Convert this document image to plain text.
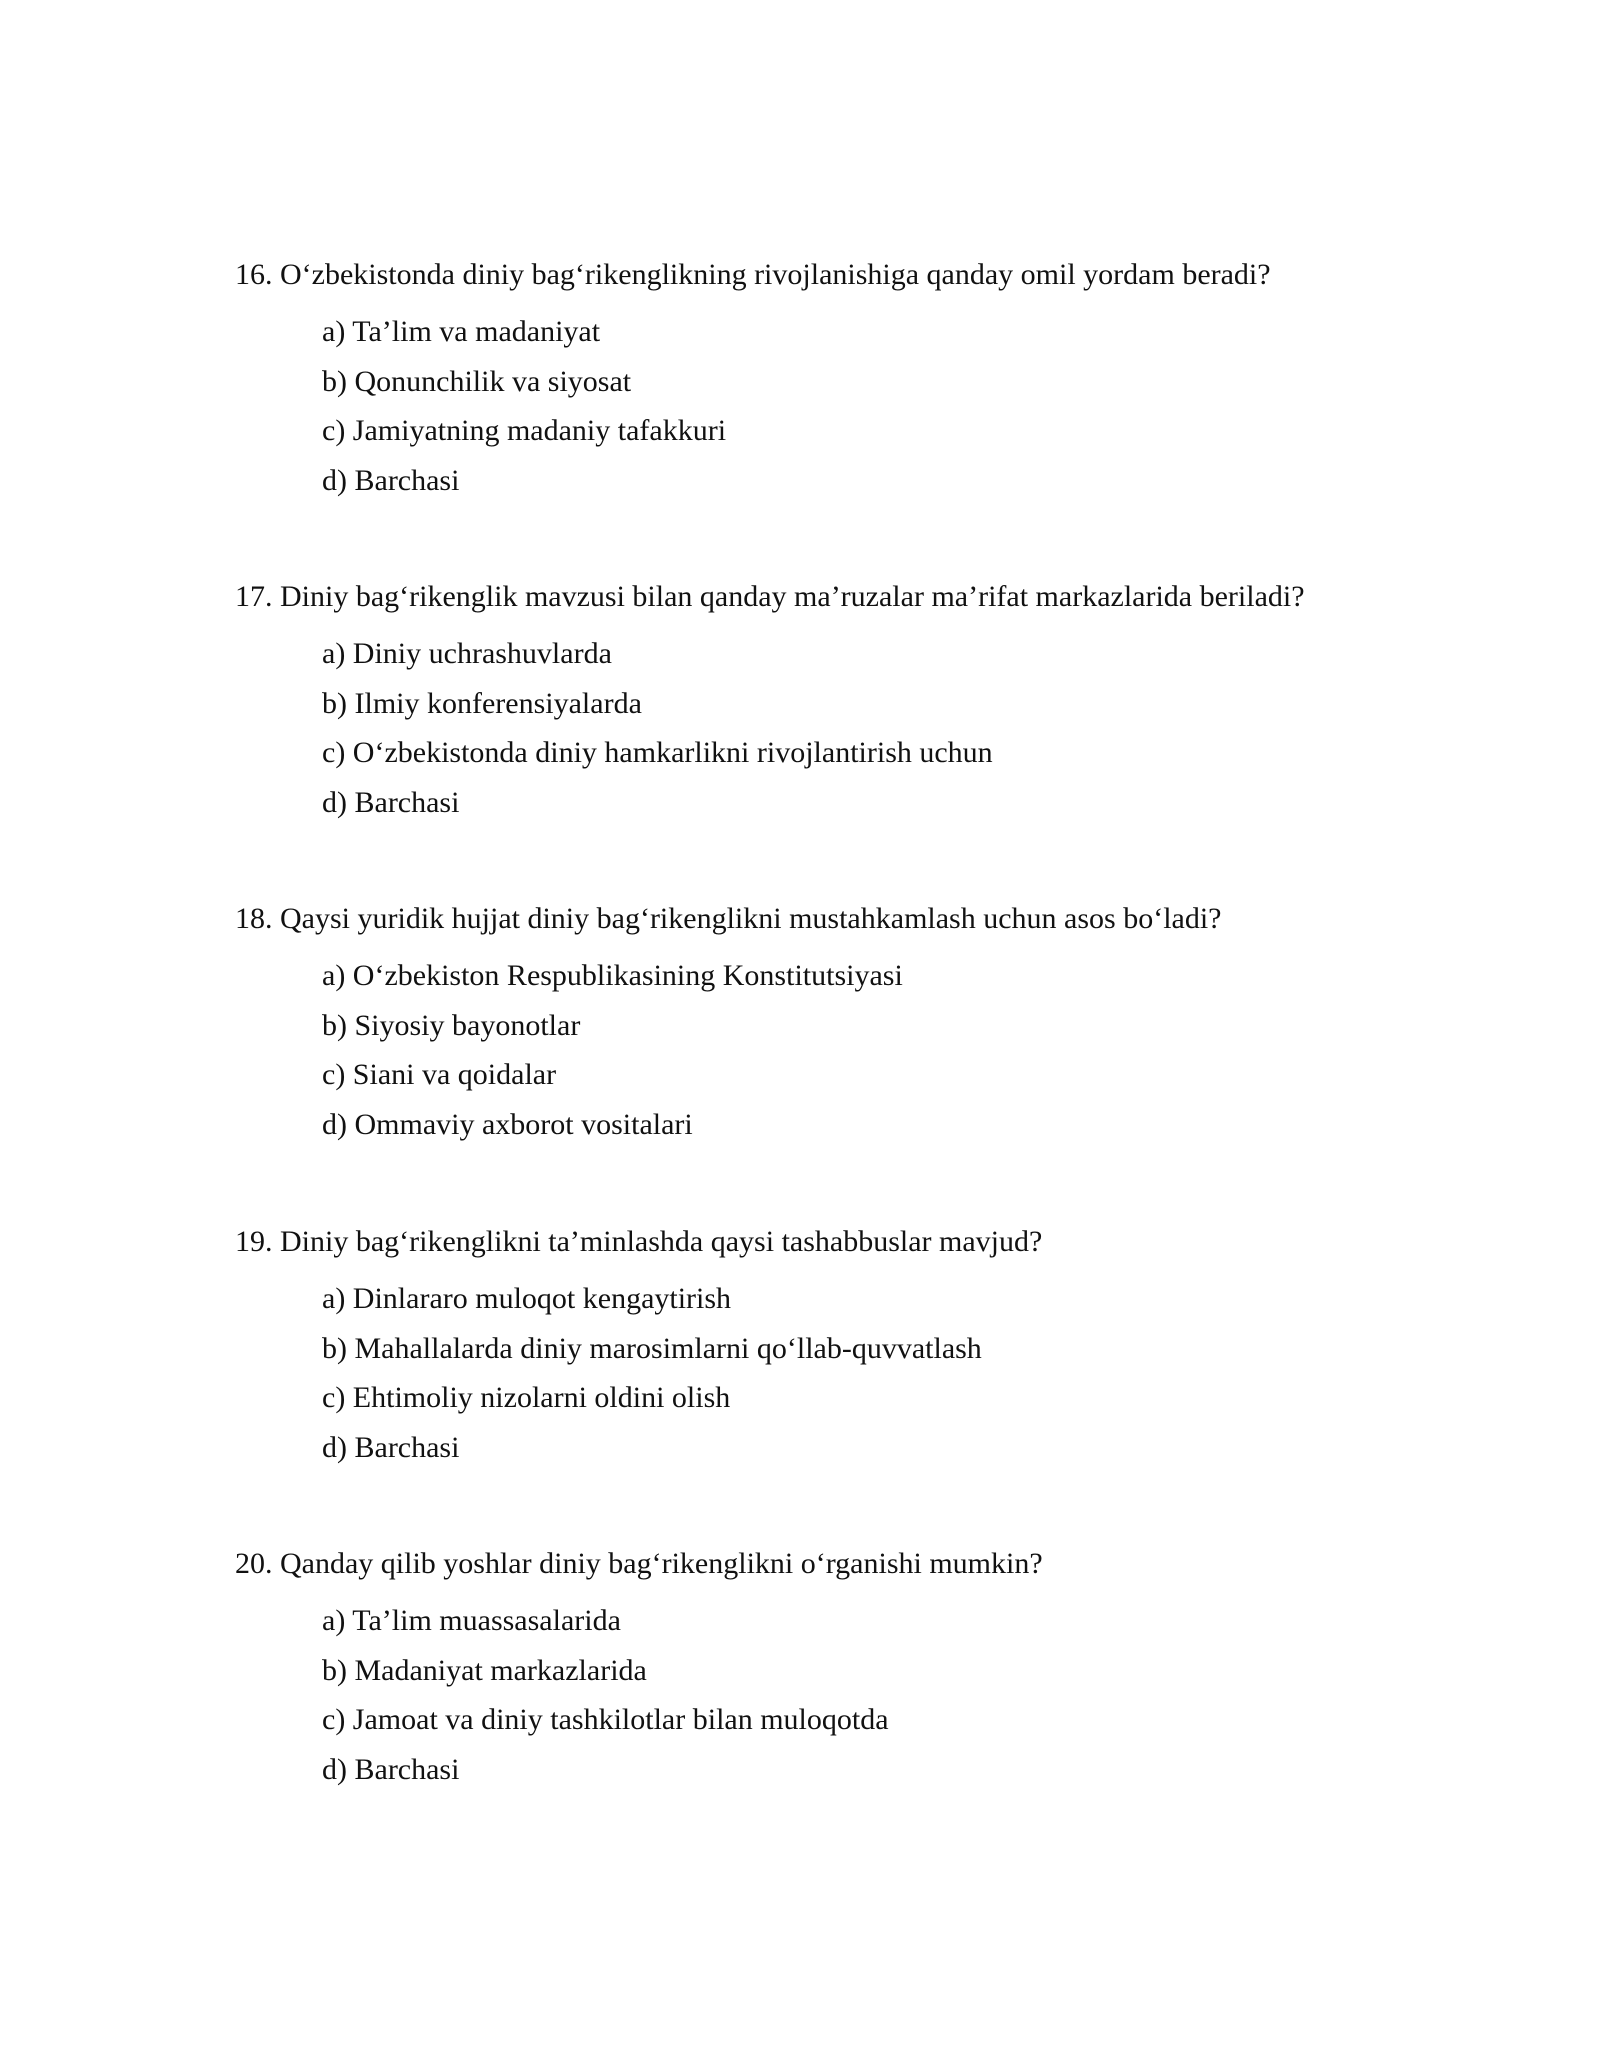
16. O‘zbekistonda diniy bag‘rikenglikning rivojlanishiga qanday omil yordam beradi?

a) Ta’lim va madaniyat
b) Qonunchilik va siyosat
c) Jamiyatning madaniy tafakkuri
d) Barchasi

17. Diniy bag‘rikenglik mavzusi bilan qanday ma’ruzalar ma’rifat markazlarida beriladi?

a) Diniy uchrashuvlarda
b) Ilmiy konferensiyalarda
c) O‘zbekistonda diniy hamkarlikni rivojlantirish uchun
d) Barchasi

18. Qaysi yuridik hujjat diniy bag‘rikenglikni mustahkamlash uchun asos bo‘ladi?

a) O‘zbekiston Respublikasining Konstitutsiyasi
b) Siyosiy bayonotlar
c) Siani va qoidalar
d) Ommaviy axborot vositalari

19. Diniy bag‘rikenglikni ta’minlashda qaysi tashabbuslar mavjud?

a) Dinlararo muloqot kengaytirish
b) Mahallalarda diniy marosimlarni qo‘llab-quvvatlash
c) Ehtimoliy nizolarni oldini olish
d) Barchasi

20. Qanday qilib yoshlar diniy bag‘rikenglikni o‘rganishi mumkin?

a) Ta’lim muassasalarida
b) Madaniyat markazlarida
c) Jamoat va diniy tashkilotlar bilan muloqotda
d) Barchasi
